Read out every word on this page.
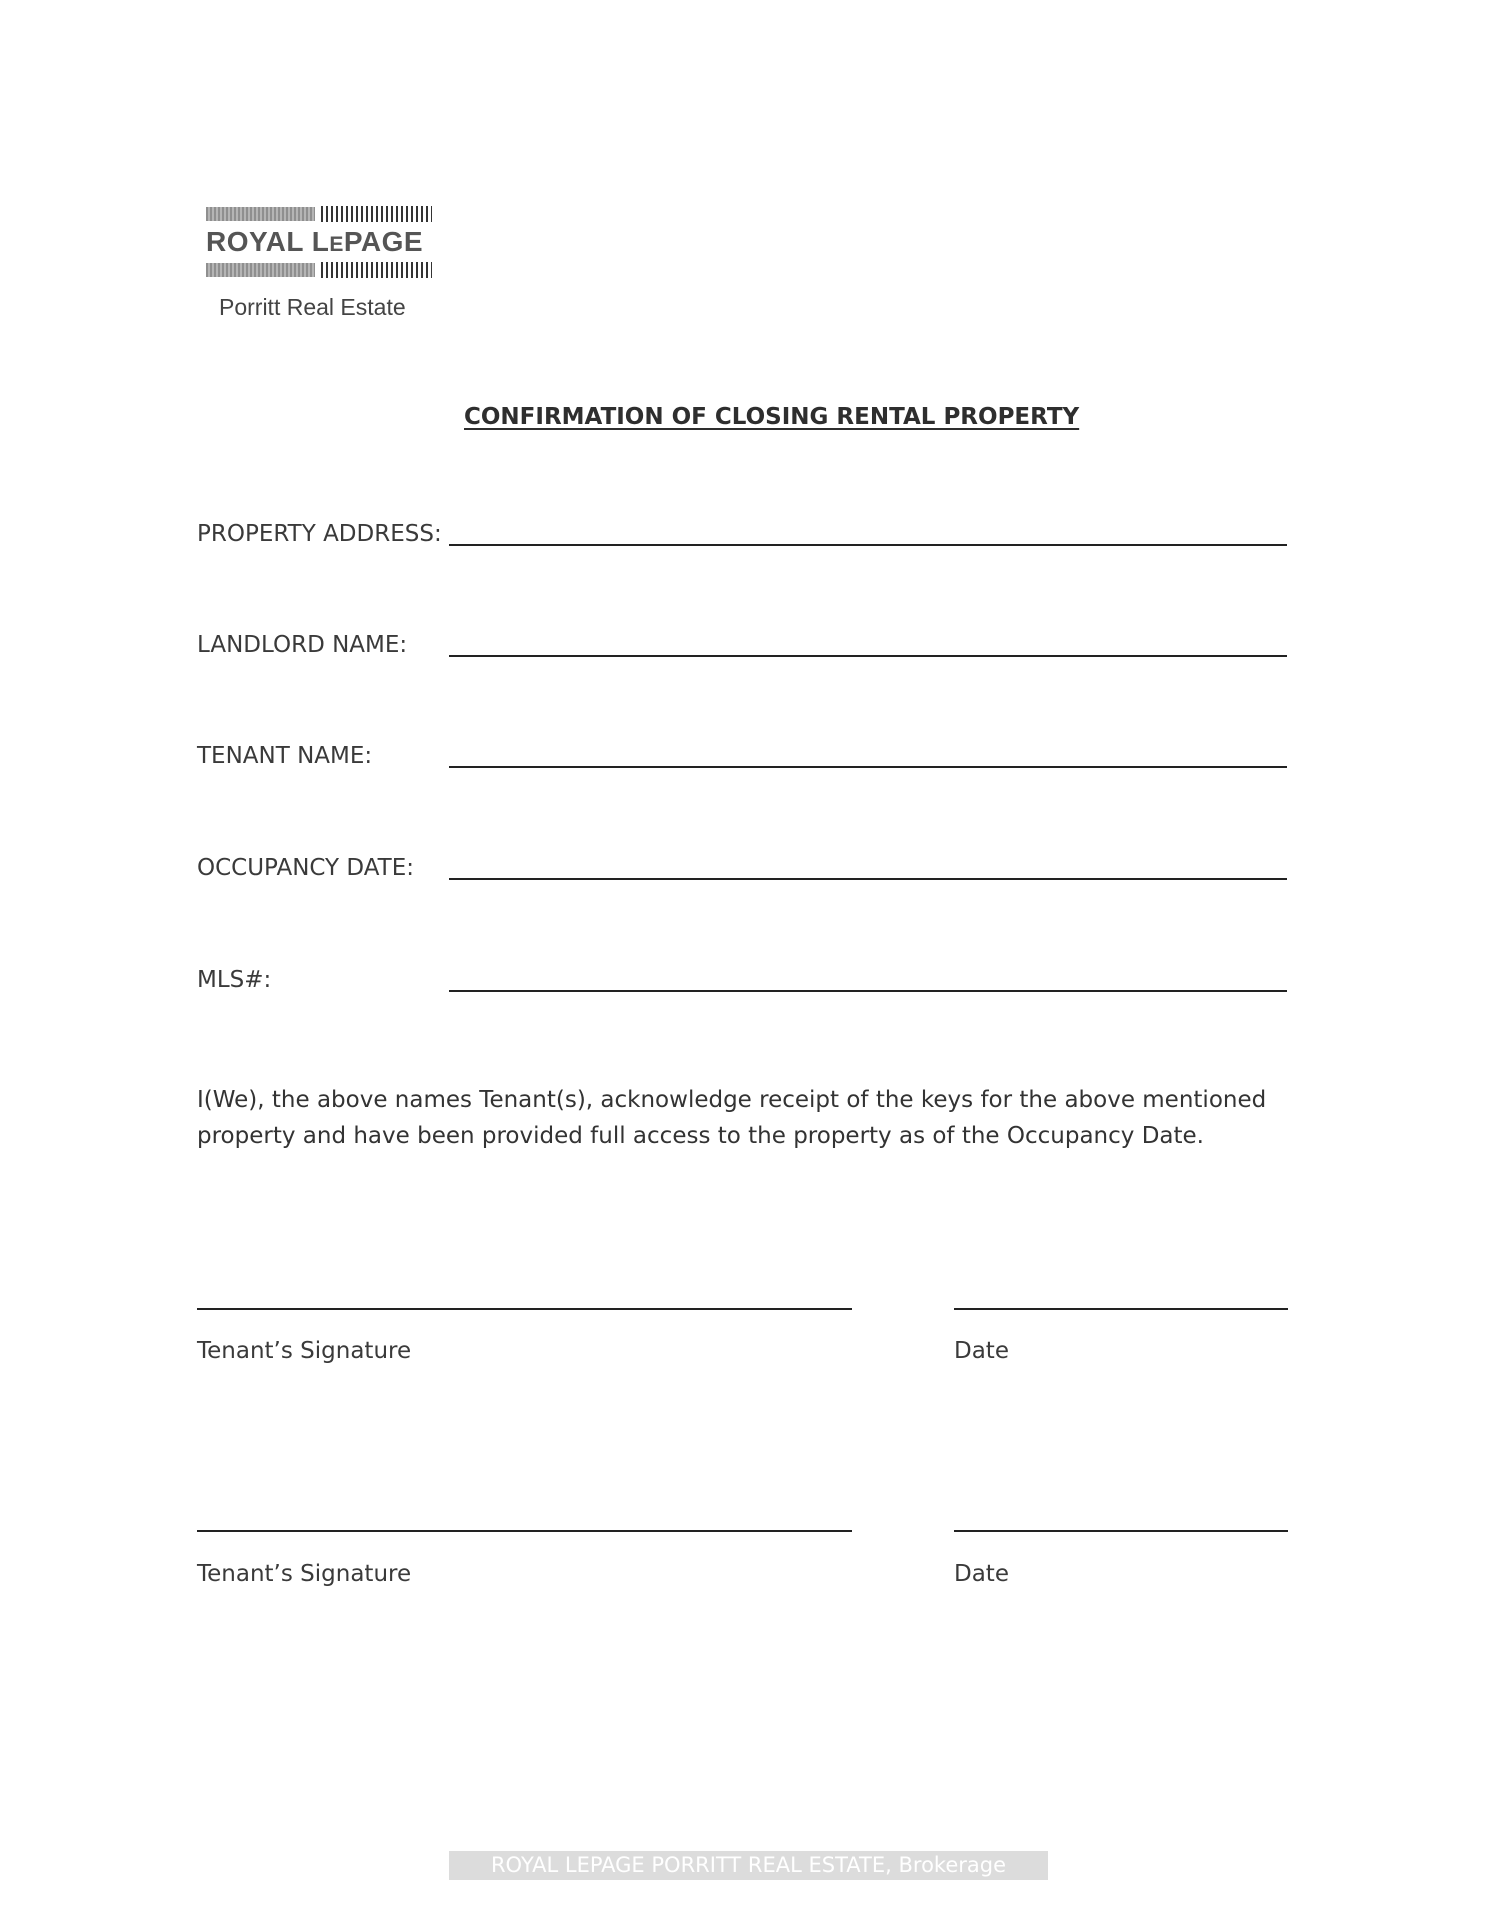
ROYAL LEPAGE
Porritt Real Estate
CONFIRMATION OF CLOSING RENTAL PROPERTY
PROPERTY ADDRESS:
LANDLORD NAME:
TENANT NAME:
OCCUPANCY DATE:
MLS#:
I(We), the above names Tenant(s), acknowledge receipt of the keys for the above mentioned
property and have been provided full access to the property as of the Occupancy Date.
Tenant’s Signature	Date
Tenant’s Signature	Date
ROYAL LEPAGE PORRITT REAL ESTATE, Brokerage
